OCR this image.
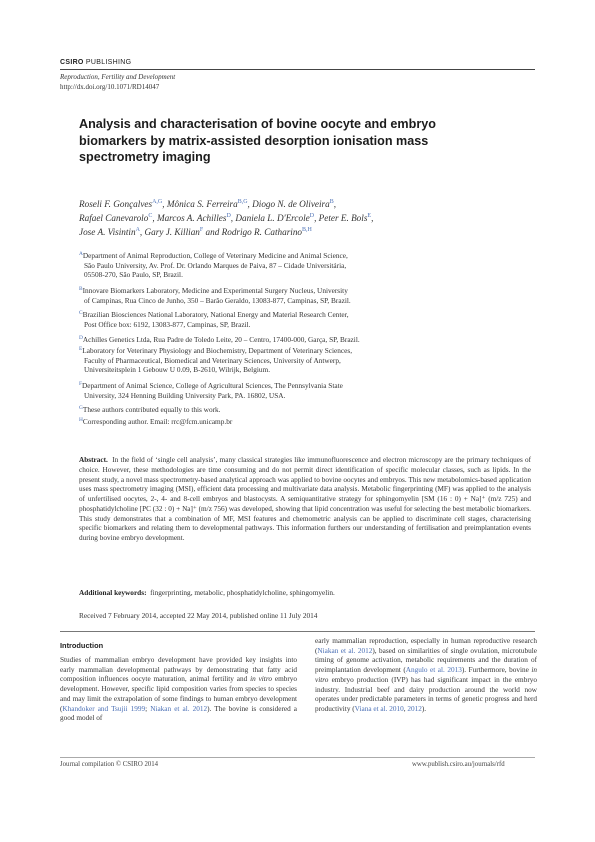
CSIRO PUBLISHING
Reproduction, Fertility and Development
http://dx.doi.org/10.1071/RD14047
Analysis and characterisation of bovine oocyte and embryo biomarkers by matrix-assisted desorption ionisation mass spectrometry imaging
Roseli F. Gonçalves$^{A,G}$, Mônica S. Ferreira$^{B,G}$, Diogo N. de Oliveira$^B$,
Rafael Canevarolo$^C$, Marcos A. Achilles$^D$, Daniela L. D'Ercole$^D$, Peter E. Bols$^E$,
Jose A. Visintin$^A$, Gary J. Killian$^F$ and Rodrigo R. Catharino$^{B,H}$
$^A$Department of Animal Reproduction, College of Veterinary Medicine and Animal Science,
São Paulo University, Av. Prof. Dr. Orlando Marques de Paiva, 87 – Cidade Universitária,
05508-270, São Paulo, SP, Brazil.
$^B$Innovare Biomarkers Laboratory, Medicine and Experimental Surgery Nucleus, University
of Campinas, Rua Cinco de Junho, 350 – Barão Geraldo, 13083-877, Campinas, SP, Brazil.
$^C$Brazilian Biosciences National Laboratory, National Energy and Material Research Center,
Post Office box: 6192, 13083-877, Campinas, SP, Brazil.
$^D$Achilles Genetics Ltda, Rua Padre de Toledo Leite, 20 – Centro, 17400-000, Garça, SP, Brazil.
$^E$Laboratory for Veterinary Physiology and Biochemistry, Department of Veterinary Sciences,
Faculty of Pharmaceutical, Biomedical and Veterinary Sciences, University of Antwerp,
Universiteitsplein 1 Gebouw U 0.09, B-2610, Wilrijk, Belgium.
$^F$Department of Animal Science, College of Agricultural Sciences, The Pennsylvania State
University, 324 Henning Building University Park, PA. 16802, USA.
$^G$These authors contributed equally to this work.
$^H$Corresponding author. Email: rrc@fcm.unicamp.br
Abstract. In the field of ‘single cell analysis’, many classical strategies like immunofluorescence and electron microscopy are the primary techniques of choice. However, these methodologies are time consuming and do not permit direct identification of specific molecular classes, such as lipids. In the present study, a novel mass spectrometry-based analytical approach was applied to bovine oocytes and embryos. This new metabolomics-based application uses mass spectrometry imaging (MSI), efficient data processing and multivariate data analysis. Metabolic fingerprinting (MF) was applied to the analysis of unfertilised oocytes, 2-, 4- and 8-cell embryos and blastocysts. A semiquantitative strategy for sphingomyelin [SM (16 : 0) + Na]⁺ (m/z 725) and phosphatidylcholine [PC (32 : 0) + Na]⁺ (m/z 756) was developed, showing that lipid concentration was useful for selecting the best metabolic biomarkers. This study demonstrates that a combination of MF, MSI features and chemometric analysis can be applied to discriminate cell stages, characterising specific biomarkers and relating them to developmental pathways. This information furthers our understanding of fertilisation and preimplantation events during bovine embryo development.
Additional keywords: fingerprinting, metabolic, phosphatidylcholine, sphingomyelin.
Received 7 February 2014, accepted 22 May 2014, published online 11 July 2014
Introduction
Studies of mammalian embryo development have provided key insights into early mammalian developmental pathways by demonstrating that fatty acid composition influences oocyte maturation, animal fertility and in vitro embryo development. However, specific lipid composition varies from species to species and may limit the extrapolation of some findings to human embryo development (Khandoker and Tsujii 1999; Niakan et al. 2012). The bovine is considered a good model of
early mammalian reproduction, especially in human reproductive research (Niakan et al. 2012), based on similarities of single ovulation, microtubule timing of genome activation, metabolic requirements and the duration of preimplantation development (Angulo et al. 2013). Furthermore, bovine in vitro embryo production (IVP) has had significant impact in the embryo industry. Industrial beef and dairy production around the world now operates under predictable parameters in terms of genetic progress and herd productivity (Viana et al. 2010, 2012).
Journal compilation © CSIRO 2014	www.publish.csiro.au/journals/rfd
